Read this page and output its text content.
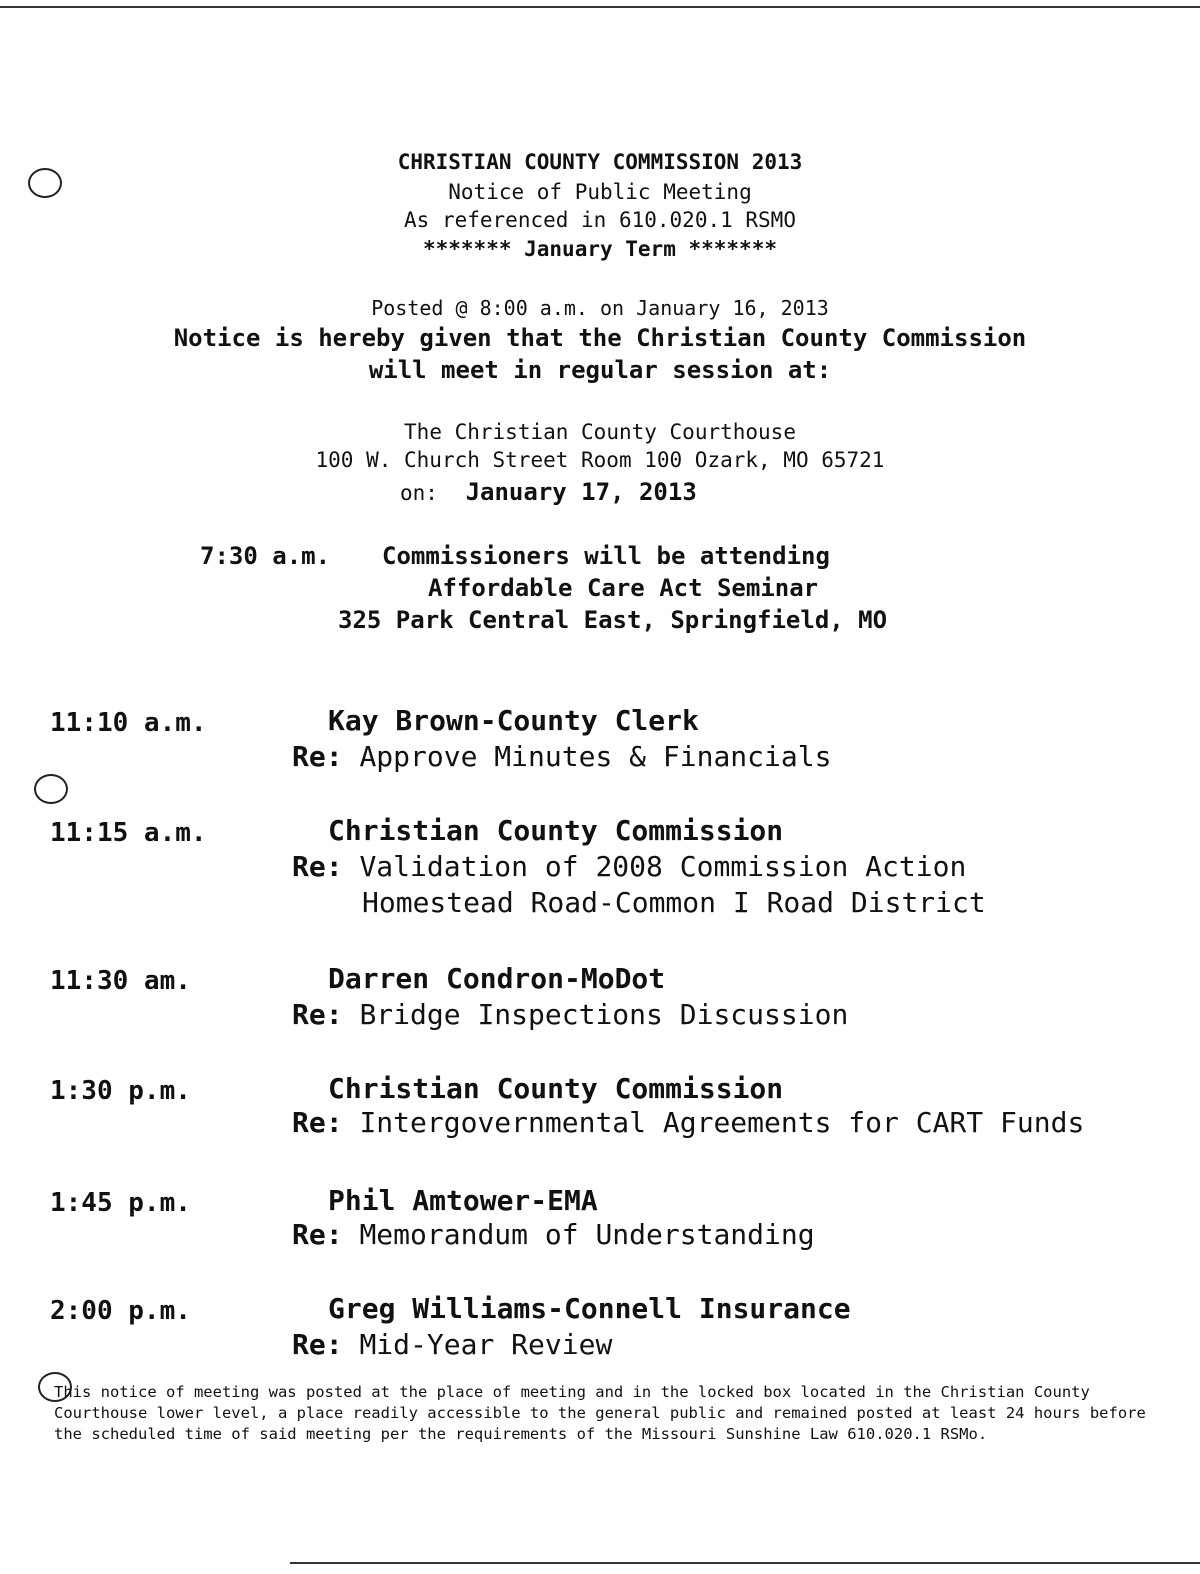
CHRISTIAN COUNTY COMMISSION 2013
Notice of Public Meeting
As referenced in 610.020.1 RSMO
******* January Term *******
Posted @ 8:00 a.m. on January 16, 2013
Notice is hereby given that the Christian County Commission
will meet in regular session at:
The Christian County Courthouse
100 W. Church Street Room 100 Ozark, MO 65721
on: January 17, 2013
7:30 a.m. Commissioners will be attending
Affordable Care Act Seminar
325 Park Central East, Springfield, MO
11:10 a.m.	Kay Brown-County Clerk
Re: Approve Minutes & Financials
11:15 a.m.	Christian County Commission
Re: Validation of 2008 Commission Action
Homestead Road-Common I Road District
11:30 am.	Darren Condron-MoDot
Re: Bridge Inspections Discussion
1:30 p.m.	Christian County Commission
Re: Intergovernmental Agreements for CART Funds
1:45 p.m.	Phil Amtower-EMA
Re: Memorandum of Understanding
2:00 p.m.	Greg Williams-Connell Insurance
Re: Mid-Year Review
This notice of meeting was posted at the place of meeting and in the locked box located in the Christian County Courthouse lower level, a place readily accessible to the general public and remained posted at least 24 hours before the scheduled time of said meeting per the requirements of the Missouri Sunshine Law 610.020.1 RSMo.
